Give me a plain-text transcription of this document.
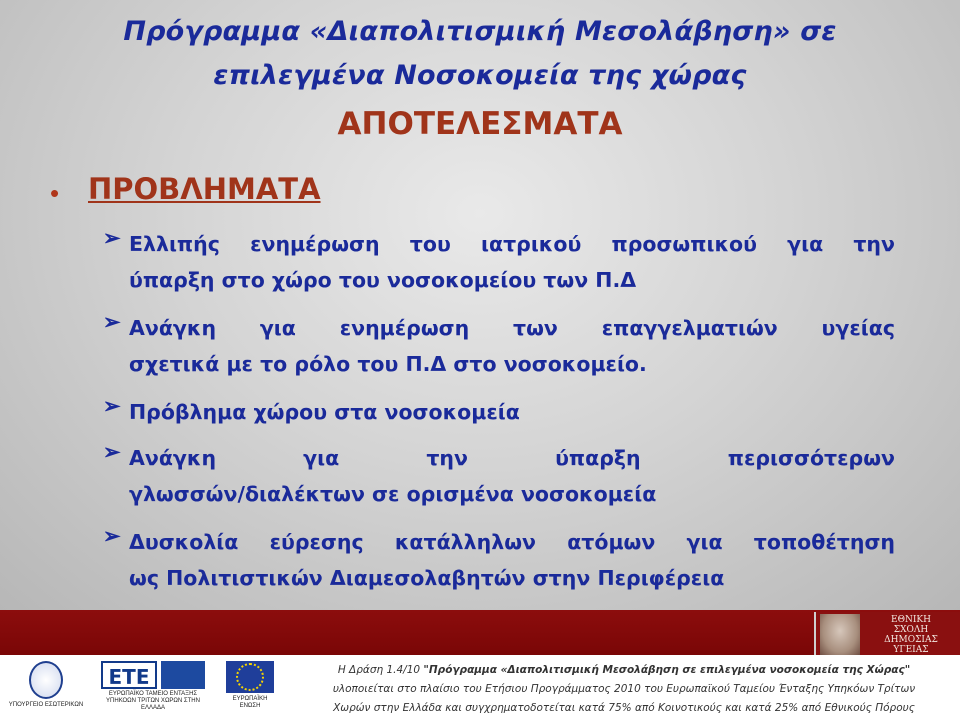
Πρόγραμμα «Διαπολιτισμική Μεσολάβηση» σε
επιλεγμένα Νοσοκομεία της χώρας
ΑΠΟΤΕΛΕΣΜΑΤΑ
• ΠΡΟΒΛΗΜΑΤΑ
➢ Ελλιπής ενημέρωση του ιατρικού προσωπικού για την
ύπαρξη στο χώρο του νοσοκομείου των Π.Δ
➢ Ανάγκη για ενημέρωση των επαγγελματιών υγείας
σχετικά με το ρόλο του Π.Δ στο νοσοκομείο.
➢ Πρόβλημα χώρου στα νοσοκομεία
➢ Ανάγκη για την ύπαρξη περισσότερων
γλωσσών/διαλέκτων σε ορισμένα νοσοκομεία
➢ Δυσκολία εύρεσης κατάλληλων ατόμων για τοποθέτηση
ως Πολιτιστικών Διαμεσολαβητών στην Περιφέρεια
ΕΘΝΙΚΗ
ΣΧΟΛΗ
ΔΗΜΟΣΙΑΣ
ΥΓΕΙΑΣ
ΥΠΟΥΡΓΕΙΟ ΕΣΩΤΕΡΙΚΩΝ
ΕΤΕ
ΕΥΡΩΠΑΪΚΟ ΤΑΜΕΙΟ ΕΝΤΑΞΗΣ ΥΠΗΚΟΩΝ ΤΡΙΤΩΝ ΧΩΡΩΝ ΣΤΗΝ ΕΛΛΑΔΑ
ΕΥΡΩΠΑΪΚΗ ΕΝΩΣΗ
Η Δράση 1.4/10 "Πρόγραμμα «Διαπολιτισμική Μεσολάβηση σε επιλεγμένα νοσοκομεία της Χώρας"
υλοποιείται στο πλαίσιο του Ετήσιου Προγράμματος 2010 του Ευρωπαϊκού Ταμείου Ένταξης Υπηκόων Τρίτων
Χωρών στην Ελλάδα και συγχρηματοδοτείται κατά 75% από Κοινοτικούς και κατά 25% από Εθνικούς Πόρους
